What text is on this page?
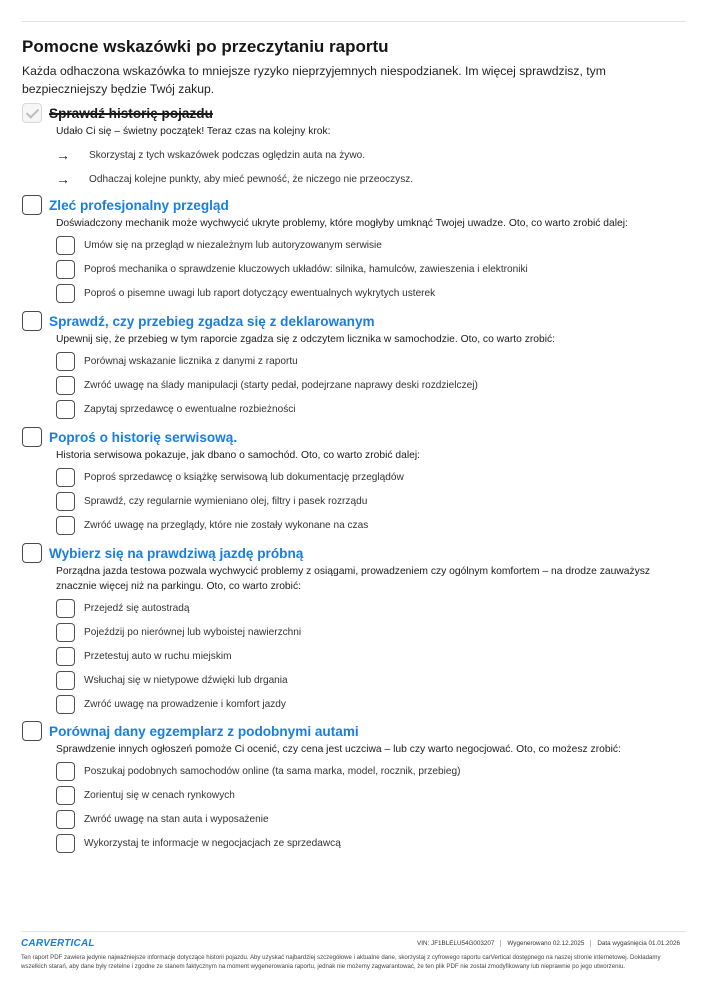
Pomocne wskazówki po przeczytaniu raportu

Każda odhaczona wskazówka to mniejsze ryzyko nieprzyjemnych niespodzianek. Im więcej sprawdzisz, tym bezpieczniejszy będzie Twój zakup.

Sprawdź historię pojazdu
Udało Ci się – świetny początek! Teraz czas na kolejny krok:
→	Skorzystaj z tych wskazówek podczas oględzin auta na żywo.
→	Odhaczaj kolejne punkty, aby mieć pewność, że niczego nie przeoczysz.
Zleć profesjonalny przegląd
Doświadczony mechanik może wychwycić ukryte problemy, które mogłyby umknąć Twojej uwadze. Oto, co warto zrobić dalej:
Umów się na przegląd w niezależnym lub autoryzowanym serwisie
Poproś mechanika o sprawdzenie kluczowych układów: silnika, hamulców, zawieszenia i elektroniki
Poproś o pisemne uwagi lub raport dotyczący ewentualnych wykrytych usterek
Sprawdź, czy przebieg zgadza się z deklarowanym
Upewnij się, że przebieg w tym raporcie zgadza się z odczytem licznika w samochodzie. Oto, co warto zrobić:
Porównaj wskazanie licznika z danymi z raportu
Zwróć uwagę na ślady manipulacji (starty pedał, podejrzane naprawy deski rozdzielczej)
Zapytaj sprzedawcę o ewentualne rozbieżności
Poproś o historię serwisową.
Historia serwisowa pokazuje, jak dbano o samochód. Oto, co warto zrobić dalej:
Poproś sprzedawcę o książkę serwisową lub dokumentację przeglądów
Sprawdź, czy regularnie wymieniano olej, filtry i pasek rozrządu
Zwróć uwagę na przeglądy, które nie zostały wykonane na czas
Wybierz się na prawdziwą jazdę próbną
Porządna jazda testowa pozwala wychwycić problemy z osiągami, prowadzeniem czy ogólnym komfortem – na drodze zauważysz znacznie więcej niż na parkingu. Oto, co warto zrobić:
Przejedź się autostradą
Pojeździj po nierównej lub wyboistej nawierzchni
Przetestuj auto w ruchu miejskim
Wsłuchaj się w nietypowe dźwięki lub drgania
Zwróć uwagę na prowadzenie i komfort jazdy
Porównaj dany egzemplarz z podobnymi autami
Sprawdzenie innych ogłoszeń pomoże Ci ocenić, czy cena jest uczciwa – lub czy warto negocjować. Oto, co możesz zrobić:
Poszukaj podobnych samochodów online (ta sama marka, model, rocznik, przebieg)
Zorientuj się w cenach rynkowych
Zwróć uwagę na stan auta i wyposażenie
Wykorzystaj te informacje w negocjacjach ze sprzedawcą
CARVERTICAL	VIN: JF1BLELU54G003207	Wygenerowano 02.12.2025	Data wygaśnięcia 01.01.2026

Ten raport PDF zawiera jedynie najważniejsze informacje dotyczące historii pojazdu. Aby uzyskać najbardziej szczegółowe i aktualne dane, skorzystaj z cyfrowego raportu carVertical dostępnego na naszej stronie internetowej. Dokładamy wszelkich starań, aby dane były rzetelne i zgodne ze stanem faktycznym na moment wygenerowania raportu, jednak nie możemy zagwarantować, że ten plik PDF nie został zmodyfikowany lub nieprawnie po jego utworzeniu.
